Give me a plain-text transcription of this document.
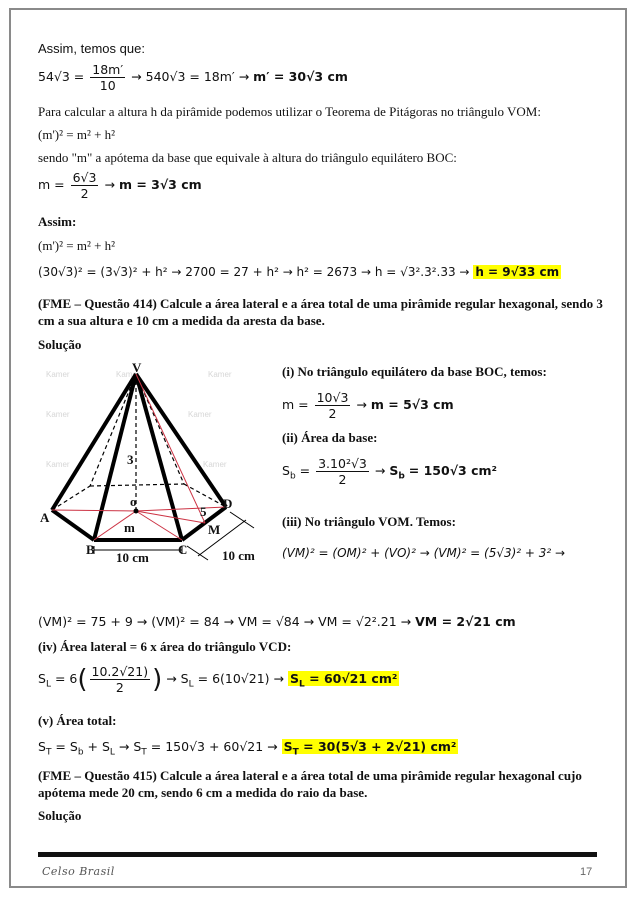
Assim, temos que:
$54√3 = \frac{18m'}{10} \to 540√3 = 18m' \to m' = 30√3$ cm
Para calcular a altura h da pirâmide podemos utilizar o Teorema de Pitágoras no triângulo VOM:
(m')² = m² + h²
sendo "m" a apótema da base que equivale à altura do triângulo equilátero BOC:
$m = \frac{6√3}{2} \to m = 3√3$ cm
Assim:
(m')² = m² + h²
(30√3)² = (3√3)² + h² → 2700 = 27 + h² → h² = 2673 → h = √3².3².33 → h = 9√33 cm
(FME – Questão 414) Calcule a área lateral e a área total de uma pirâmide regular hexagonal, sendo 3
cm a sua altura e 10 cm a medida da aresta da base.
Solução
Kamer	Kamer	Kamer
Kamer	Kamer
Kamer	Kamer
V
A
B	C
D
M
o
m
3
5
10 cm	10 cm
(i) No triângulo equilátero da base BOC, temos:
$m = \frac{10√3}{2} \to m = 5√3$ cm
(ii) Área da base:
$S_b = \frac{\text{3.10²√3}}{2} \to S_b = 150√3$ cm²
(iii) No triângulo VOM. Temos:
(VM)² = (OM)² + (VO)² → (VM)² = (5√3)² + 3² →
(VM)² = 75 + 9 → (VM)² = 84 → VM = √84 → VM = √2².21 → VM = 2√21 cm
(iv) Área lateral = 6 x área do triângulo VCD:
$S_L = 6( \frac{10.2√21)}{2}$ ) → $S_L = 6(10√21) \to S_L = 60√21$ cm²
(v) Área total:
$S_T = S_b + S_L \to S_T = 150√3 + 60√21 \to S_T = 30(5√3 + 2√21)$ cm²
(FME – Questão 415) Calcule a área lateral e a área total de uma pirâmide regular hexagonal cujo
apótema mede 20 cm, sendo 6 cm a medida do raio da base.
Solução
Celso Brasil	17
